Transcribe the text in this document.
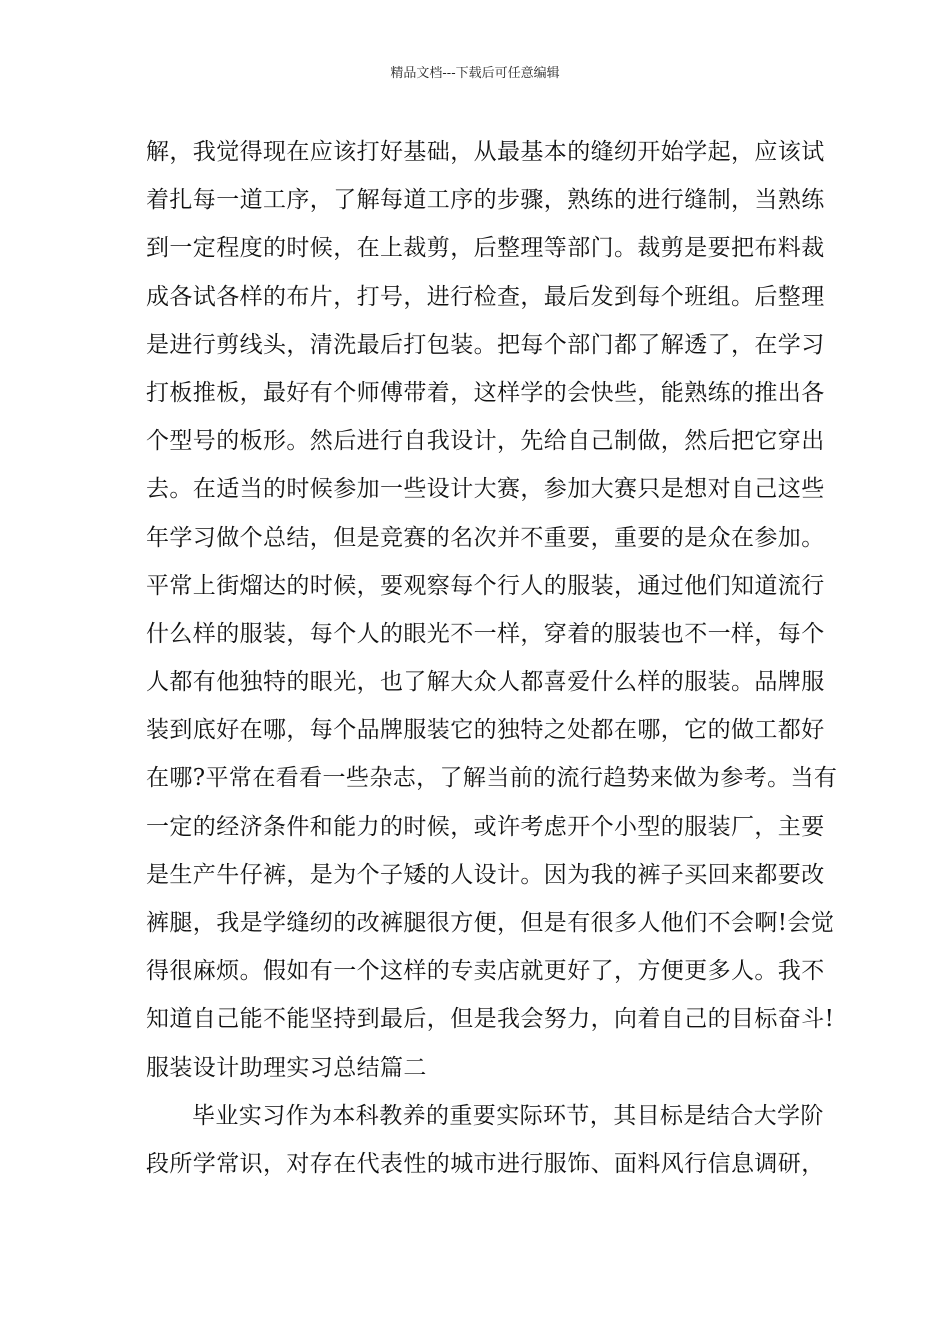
精品文档---下载后可任意编辑
解，我觉得现在应该打好基础，从最基本的缝纫开始学起，应该试
着扎每一道工序，了解每道工序的步骤，熟练的进行缝制，当熟练
到一定程度的时候，在上裁剪，后整理等部门。裁剪是要把布料裁
成各试各样的布片，打号，进行检查，最后发到每个班组。后整理
是进行剪线头，清洗最后打包装。把每个部门都了解透了，在学习
打板推板，最好有个师傅带着，这样学的会快些，能熟练的推出各
个型号的板形。然后进行自我设计，先给自己制做，然后把它穿出
去。在适当的时候参加一些设计大赛，参加大赛只是想对自己这些
年学习做个总结，但是竞赛的名次并不重要，重要的是众在参加。
平常上街熘达的时候，要观察每个行人的服装，通过他们知道流行
什么样的服装，每个人的眼光不一样，穿着的服装也不一样，每个
人都有他独特的眼光，也了解大众人都喜爱什么样的服装。品牌服
装到底好在哪，每个品牌服装它的独特之处都在哪，它的做工都好
在哪?平常在看看一些杂志，了解当前的流行趋势来做为参考。当有
一定的经济条件和能力的时候，或许考虑开个小型的服装厂，主要
是生产牛仔裤，是为个子矮的人设计。因为我的裤子买回来都要改
裤腿，我是学缝纫的改裤腿很方便，但是有很多人他们不会啊!会觉
得很麻烦。假如有一个这样的专卖店就更好了，方便更多人。我不
知道自己能不能坚持到最后，但是我会努力，向着自己的目标奋斗!
服装设计助理实习总结篇二
毕业实习作为本科教养的重要实际环节，其目标是结合大学阶
段所学常识，对存在代表性的城市进行服饰、面料风行信息调研，
